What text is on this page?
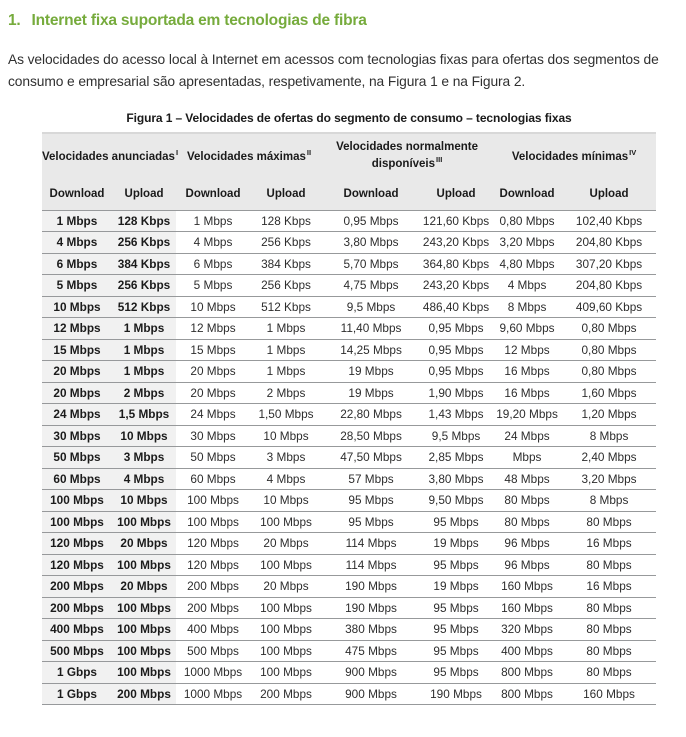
1. Internet fixa suportada em tecnologias de fibra

As velocidades do acesso local à Internet em acessos com tecnologias fixas para ofertas dos segmentos de consumo e empresarial são apresentadas, respetivamente, na Figura 1 e na Figura 2.

Figura 1 – Velocidades de ofertas do segmento de consumo – tecnologias fixas
Velocidades anunciadas$^I$		Velocidades máximas$^{II}$		Velocidades normalmente disponíveis$^{III}$		Velocidades mínimas$^{IV}$
Download	Upload	Download	Upload	Download	Upload	Download	Upload
1 Mbps	128 Kbps	1 Mbps	128 Kbps	0,95 Mbps	121,60 Kbps	0,80 Mbps	102,40 Kbps
4 Mbps	256 Kbps	4 Mbps	256 Kbps	3,80 Mbps	243,20 Kbps	3,20 Mbps	204,80 Kbps
6 Mbps	384 Kbps	6 Mbps	384 Kbps	5,70 Mbps	364,80 Kbps	4,80 Mbps	307,20 Kbps
5 Mbps	256 Kbps	5 Mbps	256 Kbps	4,75 Mbps	243,20 Kbps	4 Mbps	204,80 Kbps
10 Mbps	512 Kbps	10 Mbps	512 Kbps	9,5 Mbps	486,40 Kbps	8 Mbps	409,60 Kbps
12 Mbps	1 Mbps	12 Mbps	1 Mbps	11,40 Mbps	0,95 Mbps	9,60 Mbps	0,80 Mbps
15 Mbps	1 Mbps	15 Mbps	1 Mbps	14,25 Mbps	0,95 Mbps	12 Mbps	0,80 Mbps
20 Mbps	1 Mbps	20 Mbps	1 Mbps	19 Mbps	0,95 Mbps	16 Mbps	0,80 Mbps
20 Mbps	2 Mbps	20 Mbps	2 Mbps	19 Mbps	1,90 Mbps	16 Mbps	1,60 Mbps
24 Mbps	1,5 Mbps	24 Mbps	1,50 Mbps	22,80 Mbps	1,43 Mbps	19,20 Mbps	1,20 Mbps
30 Mbps	10 Mbps	30 Mbps	10 Mbps	28,50 Mbps	9,5 Mbps	24 Mbps	8 Mbps
50 Mbps	3 Mbps	50 Mbps	3 Mbps	47,50 Mbps	2,85 Mbps	Mbps	2,40 Mbps
60 Mbps	4 Mbps	60 Mbps	4 Mbps	57 Mbps	3,80 Mbps	48 Mbps	3,20 Mbps
100 Mbps	10 Mbps	100 Mbps	10 Mbps	95 Mbps	9,50 Mbps	80 Mbps	8 Mbps
100 Mbps	100 Mbps	100 Mbps	100 Mbps	95 Mbps	95 Mbps	80 Mbps	80 Mbps
120 Mbps	20 Mbps	120 Mbps	20 Mbps	114 Mbps	19 Mbps	96 Mbps	16 Mbps
120 Mbps	100 Mbps	120 Mbps	100 Mbps	114 Mbps	95 Mbps	96 Mbps	80 Mbps
200 Mbps	20 Mbps	200 Mbps	20 Mbps	190 Mbps	19 Mbps	160 Mbps	16 Mbps
200 Mbps	100 Mbps	200 Mbps	100 Mbps	190 Mbps	95 Mbps	160 Mbps	80 Mbps
400 Mbps	100 Mbps	400 Mbps	100 Mbps	380 Mbps	95 Mbps	320 Mbps	80 Mbps
500 Mbps	100 Mbps	500 Mbps	100 Mbps	475 Mbps	95 Mbps	400 Mbps	80 Mbps
1 Gbps	100 Mbps	1000 Mbps	100 Mbps	900 Mbps	95 Mbps	800 Mbps	80 Mbps
1 Gbps	200 Mbps	1000 Mbps	200 Mbps	900 Mbps	190 Mbps	800 Mbps	160 Mbps
